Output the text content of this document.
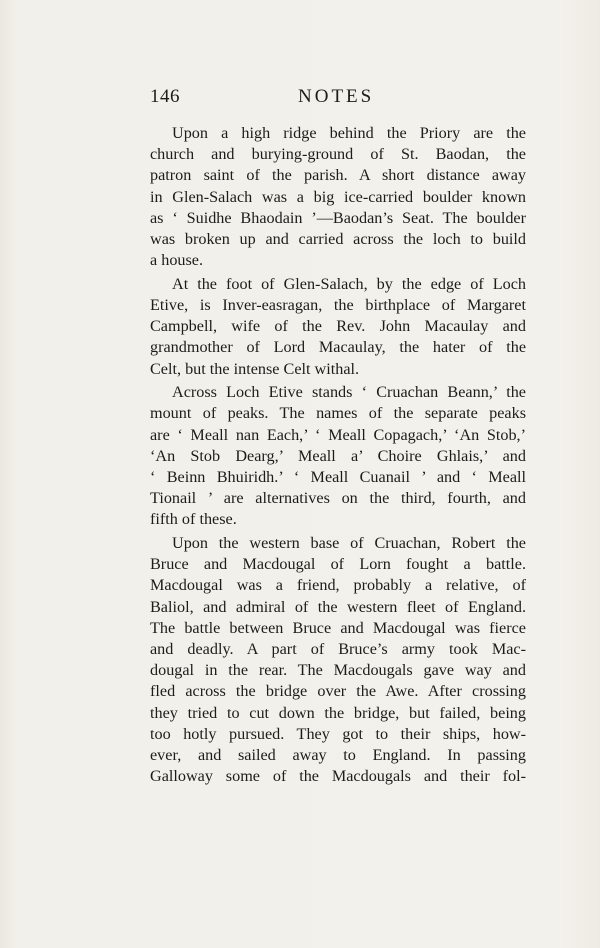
146	NOTES
Upon a high ridge behind the Priory are the
church and burying-ground of St. Baodan, the
patron saint of the parish. A short distance away
in Glen-Salach was a big ice-carried boulder known
as ‘ Suidhe Bhaodain ’—Baodan’s Seat. The boulder
was broken up and carried across the loch to build
a house.
At the foot of Glen-Salach, by the edge of Loch
Etive, is Inver-easragan, the birthplace of Margaret
Campbell, wife of the Rev. John Macaulay and
grandmother of Lord Macaulay, the hater of the
Celt, but the intense Celt withal.
Across Loch Etive stands ‘ Cruachan Beann,’ the
mount of peaks. The names of the separate peaks
are ‘ Meall nan Each,’ ‘ Meall Copagach,’ ‘An Stob,’
‘An Stob Dearg,’ Meall a’ Choire Ghlais,’ and
‘ Beinn Bhuiridh.’ ‘ Meall Cuanail ’ and ‘ Meall
Tionail ’ are alternatives on the third, fourth, and
fifth of these.
Upon the western base of Cruachan, Robert the
Bruce and Macdougal of Lorn fought a battle.
Macdougal was a friend, probably a relative, of
Baliol, and admiral of the western fleet of England.
The battle between Bruce and Macdougal was fierce
and deadly. A part of Bruce’s army took Mac-
dougal in the rear. The Macdougals gave way and
fled across the bridge over the Awe. After crossing
they tried to cut down the bridge, but failed, being
too hotly pursued. They got to their ships, how-
ever, and sailed away to England. In passing
Galloway some of the Macdougals and their fol-
